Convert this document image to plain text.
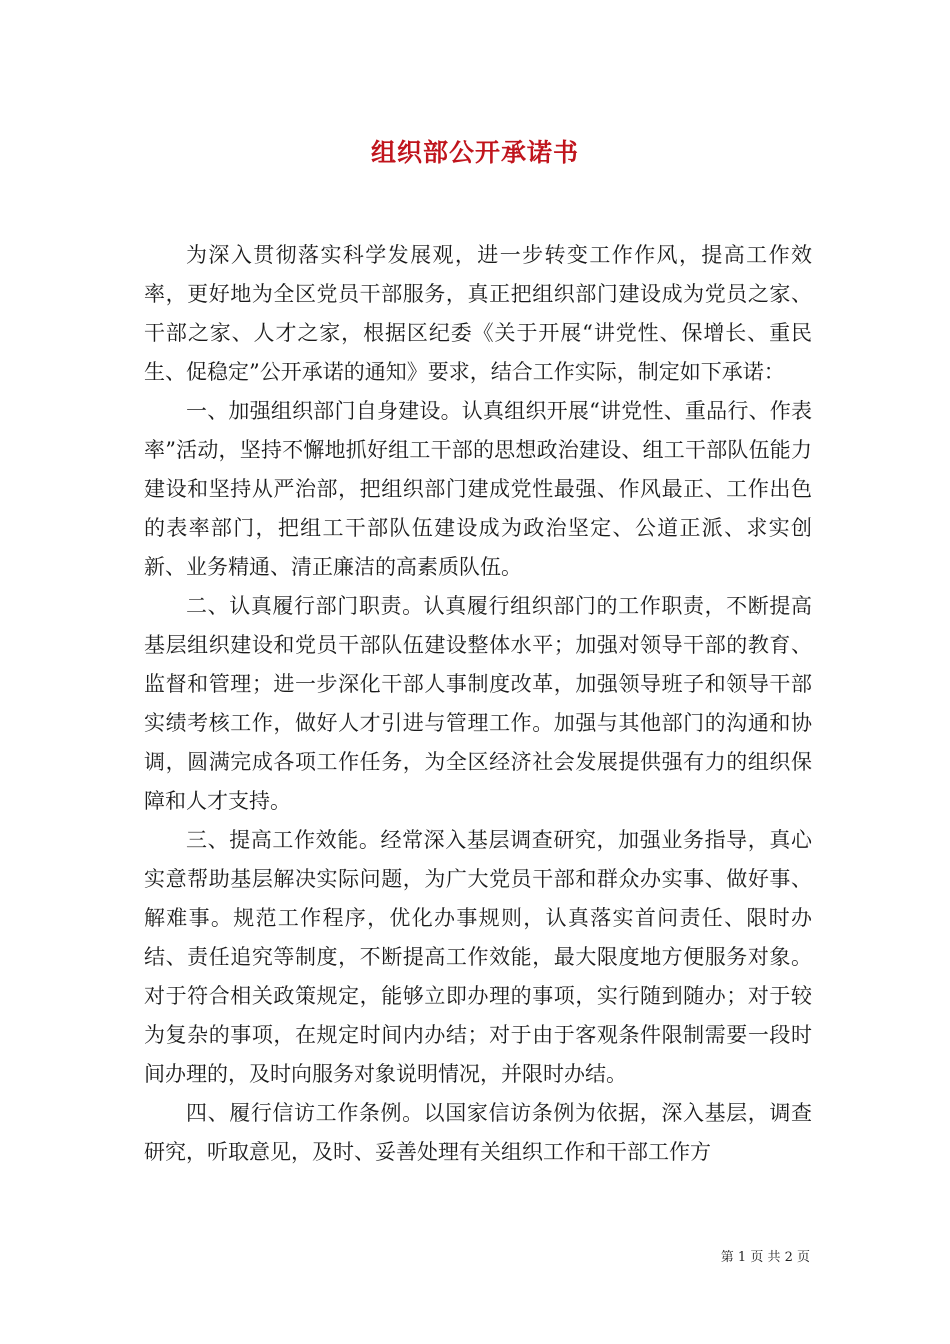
组织部公开承诺书

为深入贯彻落实科学发展观，进一步转变工作作风，提高工作效率，更好地为全区党员干部服务，真正把组织部门建设成为党员之家、干部之家、人才之家，根据区纪委《关于开展“讲党性、保增长、重民生、促稳定”公开承诺的通知》要求，结合工作实际，制定如下承诺：

一、加强组织部门自身建设。认真组织开展“讲党性、重品行、作表率”活动，坚持不懈地抓好组工干部的思想政治建设、组工干部队伍能力建设和坚持从严治部，把组织部门建成党性最强、作风最正、工作出色的表率部门，把组工干部队伍建设成为政治坚定、公道正派、求实创新、业务精通、清正廉洁的高素质队伍。

二、认真履行部门职责。认真履行组织部门的工作职责，不断提高基层组织建设和党员干部队伍建设整体水平；加强对领导干部的教育、监督和管理；进一步深化干部人事制度改革，加强领导班子和领导干部实绩考核工作，做好人才引进与管理工作。加强与其他部门的沟通和协调，圆满完成各项工作任务，为全区经济社会发展提供强有力的组织保障和人才支持。

三、提高工作效能。经常深入基层调查研究，加强业务指导，真心实意帮助基层解决实际问题，为广大党员干部和群众办实事、做好事、解难事。规范工作程序，优化办事规则，认真落实首问责任、限时办结、责任追究等制度，不断提高工作效能，最大限度地方便服务对象。对于符合相关政策规定，能够立即办理的事项，实行随到随办；对于较为复杂的事项，在规定时间内办结；对于由于客观条件限制需要一段时间办理的，及时向服务对象说明情况，并限时办结。

四、履行信访工作条例。以国家信访条例为依据，深入基层，调查研究，听取意见，及时、妥善处理有关组织工作和干部工作方

第 1 页 共 2 页
